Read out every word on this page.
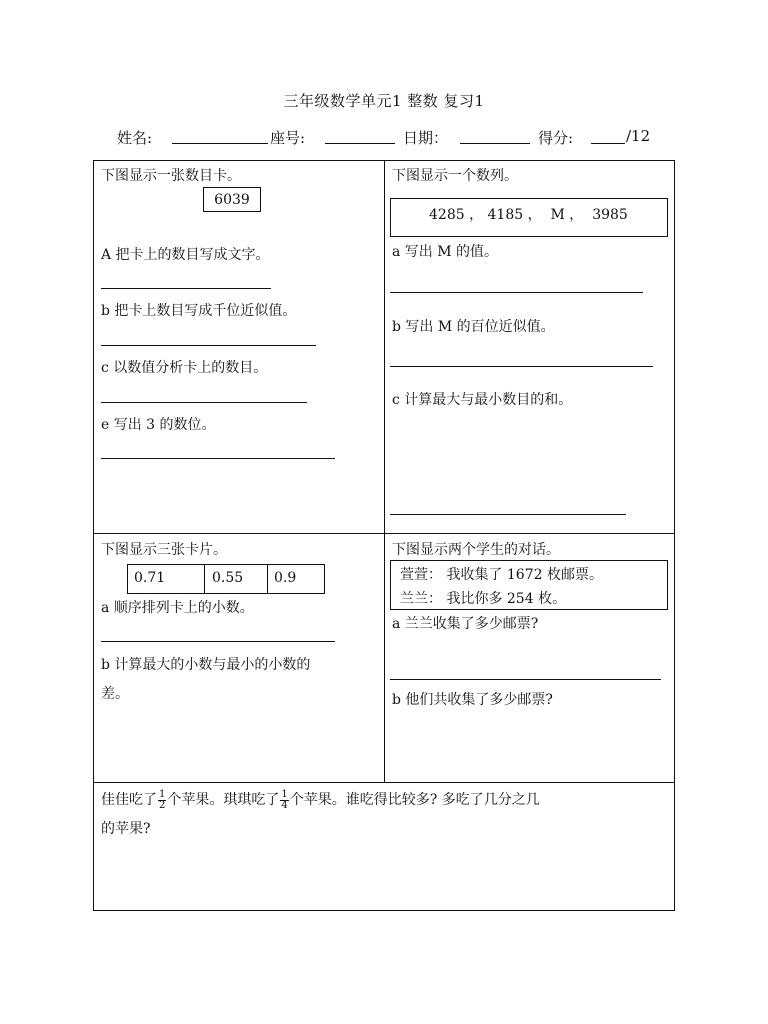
三年级数学单元1 整数 复习1
姓名:	座号:	日期：	得分:	/12
下图显示一张数目卡。
6039
A 把卡上的数目写成文字。
b 把卡上数目写成千位近似值。
c 以数值分析卡上的数目。
e 写出 3 的数位。
下图显示一个数列。
4285 ， 4185 ，  M ，  3985
a 写出 M 的值。
b 写出 M 的百位近似值。
c 计算最大与最小数目的和。
下图显示三张卡片。
0.71	0.55 0.9
a 顺序排列卡上的小数。
b 计算最大的小数与最小的小数的
差。
下图显示两个学生的对话。
萱萱： 我收集了 1672 枚邮票。
兰兰： 我比你多 254 枚。
a 兰兰收集了多少邮票?
b 他们共收集了多少邮票?
佳佳吃了 $\frac{1}{2}$ 个苹果。琪琪吃了 $\frac{1}{4}$ 个苹果。谁吃得比较多? 多吃了几分之几
的苹果?
